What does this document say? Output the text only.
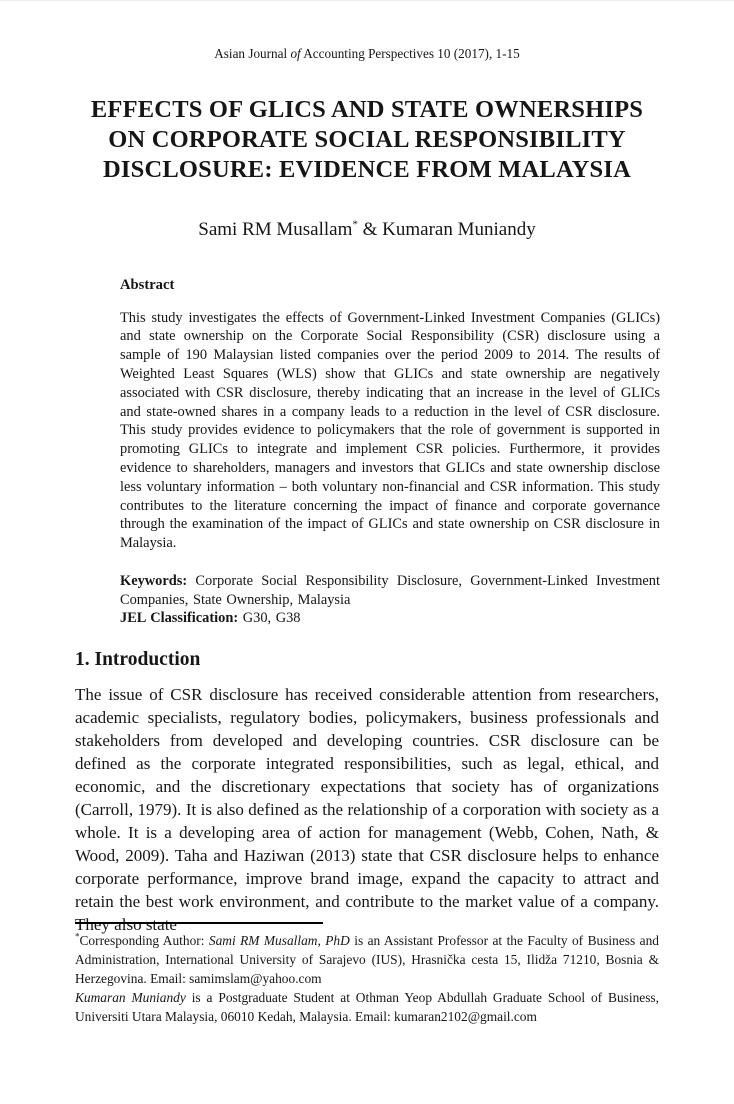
Asian Journal of Accounting Perspectives 10 (2017), 1-15
EFFECTS OF GLICS AND STATE OWNERSHIPS
ON CORPORATE SOCIAL RESPONSIBILITY
DISCLOSURE: EVIDENCE FROM MALAYSIA
Sami RM Musallam* & Kumaran Muniandy
Abstract

This study investigates the effects of Government-Linked Investment Companies (GLICs) and state ownership on the Corporate Social Responsibility (CSR) disclosure using a sample of 190 Malaysian listed companies over the period 2009 to 2014. The results of Weighted Least Squares (WLS) show that GLICs and state ownership are negatively associated with CSR disclosure, thereby indicating that an increase in the level of GLICs and state-owned shares in a company leads to a reduction in the level of CSR disclosure. This study provides evidence to policymakers that the role of government is supported in promoting GLICs to integrate and implement CSR policies. Furthermore, it provides evidence to shareholders, managers and investors that GLICs and state ownership disclose less voluntary information – both voluntary non-financial and CSR information. This study contributes to the literature concerning the impact of finance and corporate governance through the examination of the impact of GLICs and state ownership on CSR disclosure in Malaysia.

Keywords: Corporate Social Responsibility Disclosure, Government-Linked Investment Companies, State Ownership, Malaysia

JEL Classification: G30, G38

1. Introduction

The issue of CSR disclosure has received considerable attention from researchers, academic specialists, regulatory bodies, policymakers, business professionals and stakeholders from developed and developing countries. CSR disclosure can be defined as the corporate integrated responsibilities, such as legal, ethical, and economic, and the discretionary expectations that society has of organizations (Carroll, 1979). It is also defined as the relationship of a corporation with society as a whole. It is a developing area of action for management (Webb, Cohen, Nath, & Wood, 2009). Taha and Haziwan (2013) state that CSR disclosure helps to enhance corporate performance, improve brand image, expand the capacity to attract and retain the best work environment, and contribute to the market value of a company. They also state

*Corresponding Author: Sami RM Musallam, PhD is an Assistant Professor at the Faculty of Business and Administration, International University of Sarajevo (IUS), Hrasnička cesta 15, Ilidža 71210, Bosnia & Herzegovina. Email: samimslam@yahoo.com

Kumaran Muniandy is a Postgraduate Student at Othman Yeop Abdullah Graduate School of Business, Universiti Utara Malaysia, 06010 Kedah, Malaysia. Email: kumaran2102@gmail.com
